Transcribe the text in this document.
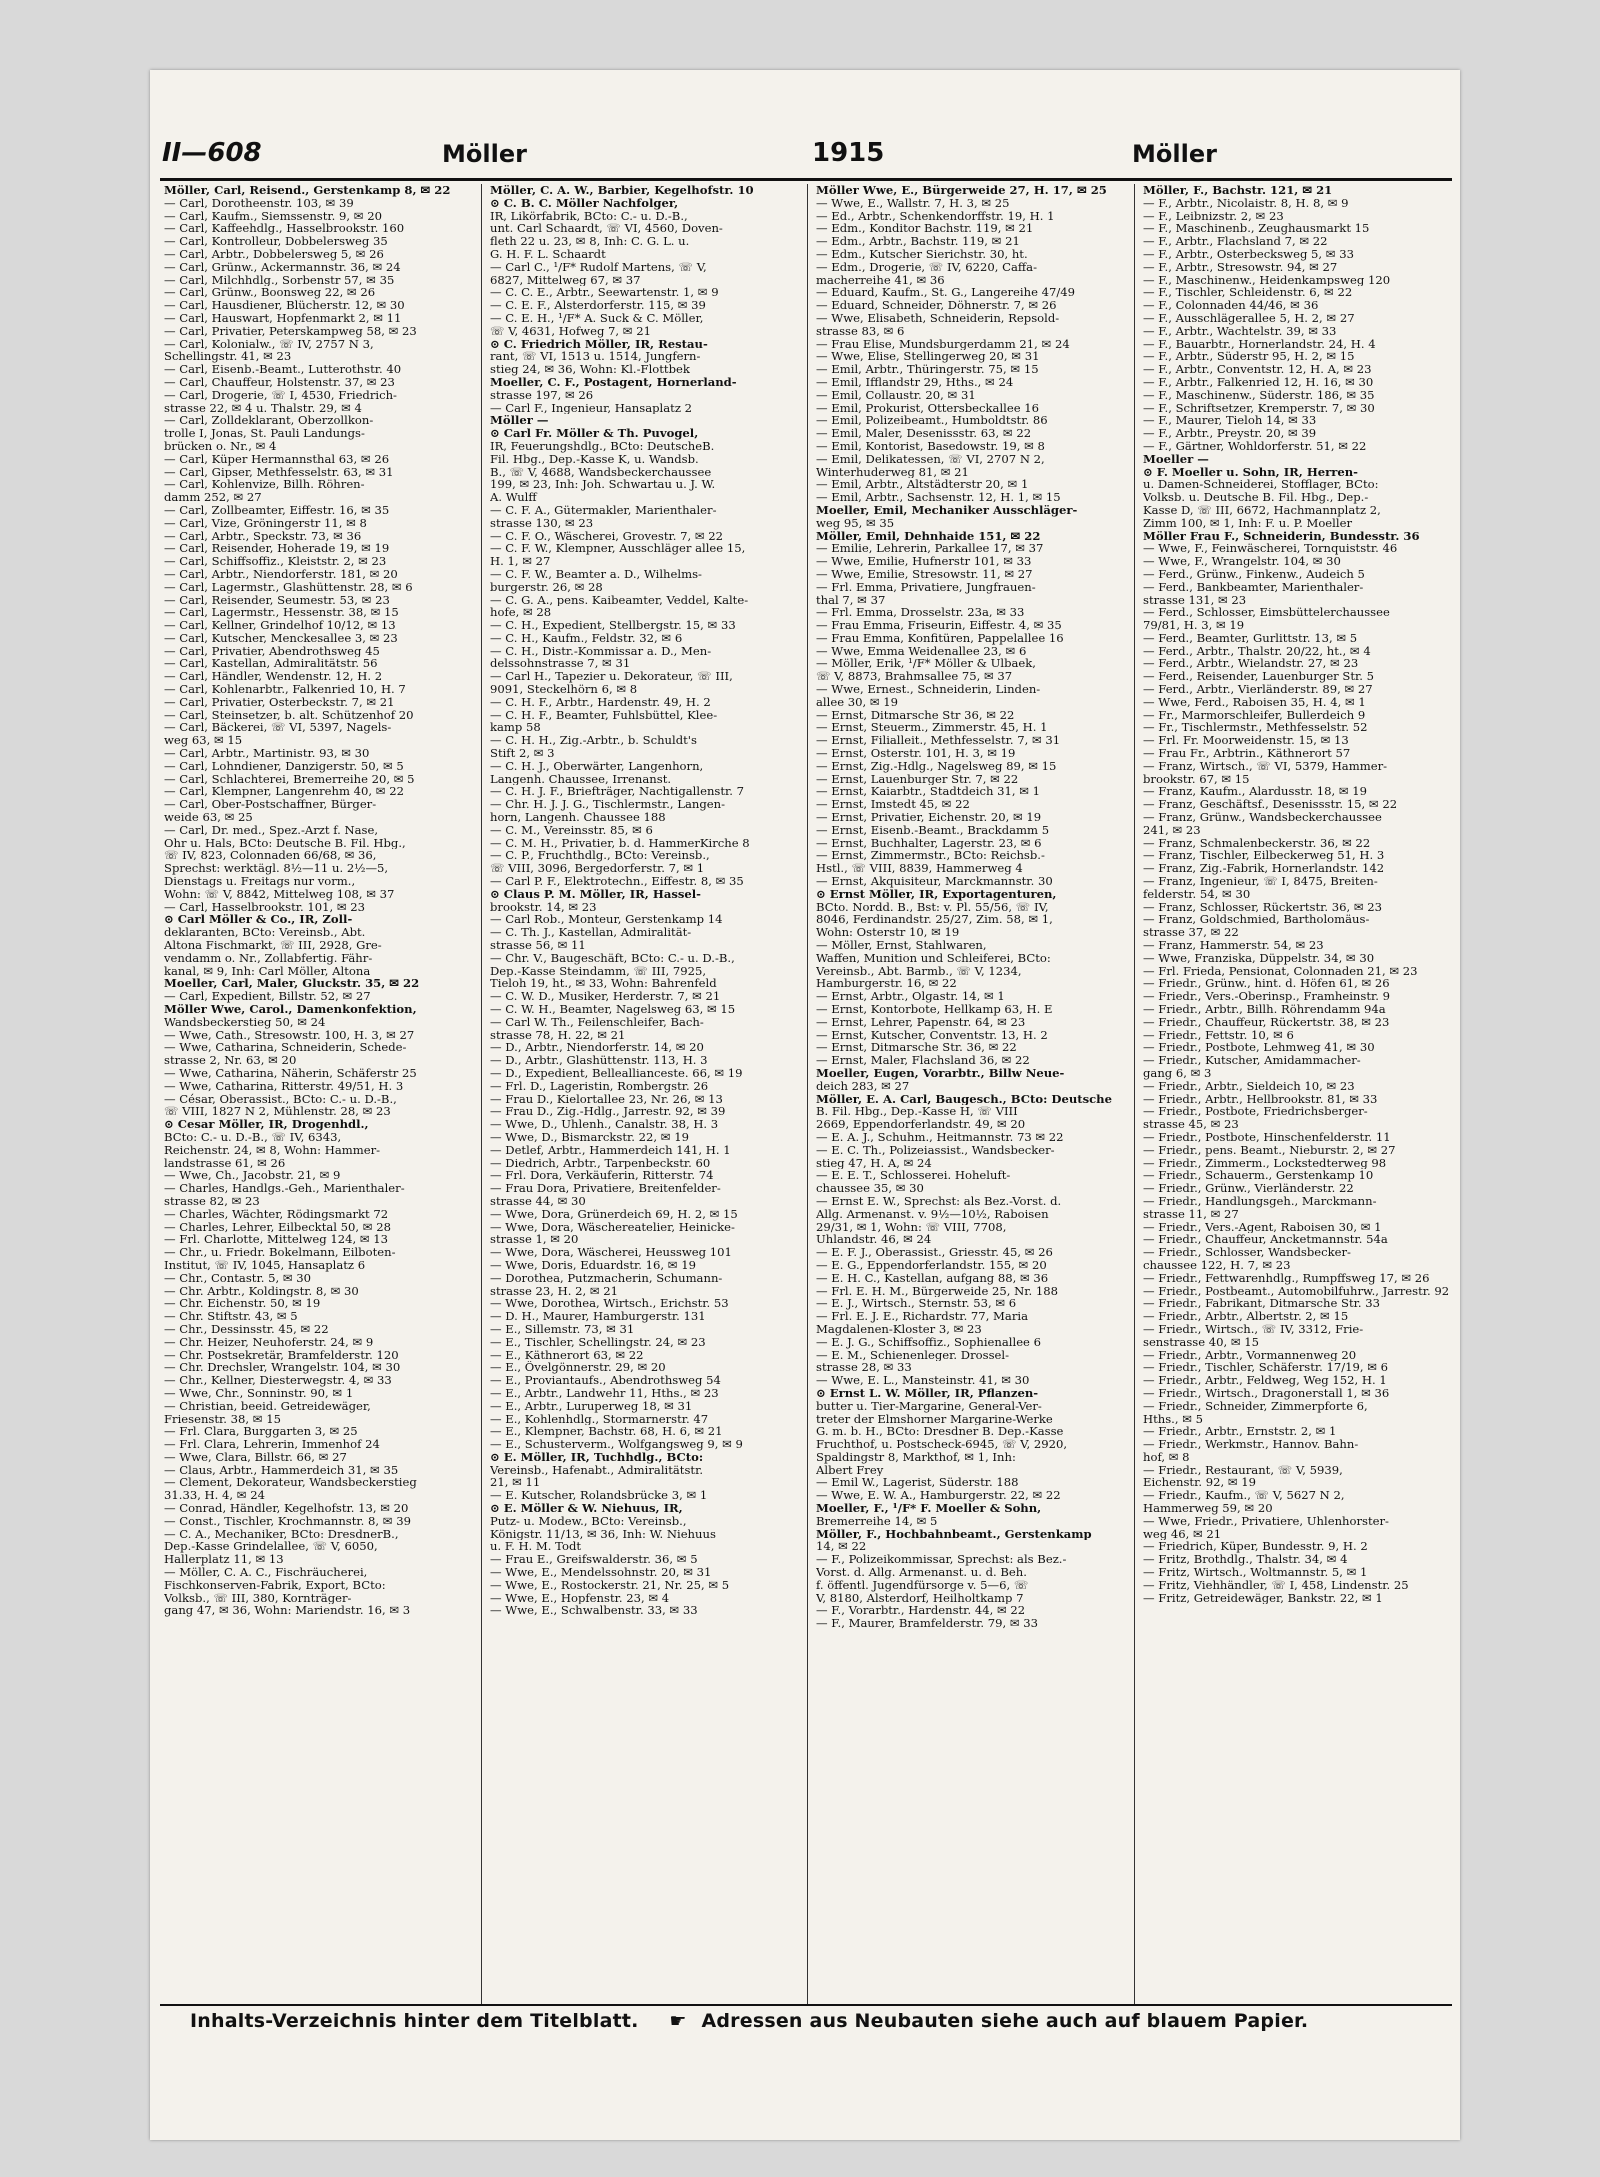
II—608	Möller	1915	Möller
Möller, Carl, Reisend., Gerstenkamp 8, ✉ 22
— Carl, Dorotheenstr. 103, ✉ 39
— Carl, Kaufm., Siemssenstr. 9, ✉ 20
— Carl, Kaffeehdlg., Hasselbrookstr. 160
— Carl, Kontrolleur, Dobbelersweg 35
— Carl, Arbtr., Dobbelersweg 5, ✉ 26
— Carl, Grünw., Ackermannstr. 36, ✉ 24
— Carl, Milchhdlg., Sorbenstr 57, ✉ 35
— Carl, Grünw., Boonsweg 22, ✉ 26
— Carl, Hausdiener, Blücherstr. 12, ✉ 30
— Carl, Hauswart, Hopfenmarkt 2, ✉ 11
— Carl, Privatier, Peterskampweg 58, ✉ 23
— Carl, Kolonialw., ☏ IV, 2757 N 3,
Schellingstr. 41, ✉ 23
— Carl, Eisenb.-Beamt., Lutterothstr. 40
— Carl, Chauffeur, Holstenstr. 37, ✉ 23
— Carl, Drogerie, ☏ I, 4530, Friedrich-
strasse 22, ✉ 4 u. Thalstr. 29, ✉ 4
— Carl, Zolldeklarant, Oberzollkon-
trolle I, Jonas, St. Pauli Landungs-
brücken o. Nr., ✉ 4
— Carl, Küper Hermannsthal 63, ✉ 26
— Carl, Gipser, Methfesselstr. 63, ✉ 31
— Carl, Kohlenvize, Billh. Röhren-
damm 252, ✉ 27
— Carl, Zollbeamter, Eiffestr. 16, ✉ 35
— Carl, Vize, Gröningerstr 11, ✉ 8
— Carl, Arbtr., Speckstr. 73, ✉ 36
— Carl, Reisender, Hoherade 19, ✉ 19
— Carl, Schiffsoffiz., Kleiststr. 2, ✉ 23
— Carl, Arbtr., Niendorferstr. 181, ✉ 20
— Carl, Lagermstr., Glashüttenstr. 28, ✉ 6
— Carl, Reisender, Seumestr. 53, ✉ 23
— Carl, Lagermstr., Hessenstr. 38, ✉ 15
— Carl, Kellner, Grindelhof 10/12, ✉ 13
— Carl, Kutscher, Menckesallee 3, ✉ 23
— Carl, Privatier, Abendrothsweg 45
— Carl, Kastellan, Admiralitätstr. 56
— Carl, Händler, Wendenstr. 12, H. 2
— Carl, Kohlenarbtr., Falkenried 10, H. 7
— Carl, Privatier, Osterbeckstr. 7, ✉ 21
— Carl, Steinsetzer, b. alt. Schützenhof 20
— Carl, Bäckerei, ☏ VI, 5397, Nagels-
weg 63, ✉ 15
— Carl, Arbtr., Martinistr. 93, ✉ 30
— Carl, Lohndiener, Danzigerstr. 50, ✉ 5
— Carl, Schlachterei, Bremerreihe 20, ✉ 5
— Carl, Klempner, Langenrehm 40, ✉ 22
— Carl, Ober-Postschaffner, Bürger-
weide 63, ✉ 25
— Carl, Dr. med., Spez.-Arzt f. Nase,
Ohr u. Hals, BCto: Deutsche B. Fil. Hbg.,
☏ IV, 823, Colonnaden 66/68, ✉ 36,
Sprechst: werktägl. 8½—11 u. 2½—5,
Dienstags u. Freitags nur vorm.,
Wohn: ☏ V, 8842, Mittelweg 108, ✉ 37
— Carl, Hasselbrookstr. 101, ✉ 23
⊙ Carl Möller & Co., IR, Zoll-
deklaranten, BCto: Vereinsb., Abt.
Altona Fischmarkt, ☏ III, 2928, Gre-
vendamm o. Nr., Zollabfertig. Fähr-
kanal, ✉ 9, Inh: Carl Möller, Altona
Moeller, Carl, Maler, Gluckstr. 35, ✉ 22
— Carl, Expedient, Billstr. 52, ✉ 27
Möller Wwe, Carol., Damenkonfektion,
Wandsbeckerstieg 50, ✉ 24
— Wwe, Cath., Stresowstr. 100, H. 3, ✉ 27
— Wwe, Catharina, Schneiderin, Schede-
strasse 2, Nr. 63, ✉ 20
— Wwe, Catharina, Näherin, Schäferstr 25
— Wwe, Catharina, Ritterstr. 49/51, H. 3
— César, Oberassist., BCto: C.- u. D.-B.,
☏ VIII, 1827 N 2, Mühlenstr. 28, ✉ 23
⊙ Cesar Möller, IR, Drogenhdl.,
BCto: C.- u. D.-B., ☏ IV, 6343,
Reichenstr. 24, ✉ 8, Wohn: Hammer-
landstrasse 61, ✉ 26
— Wwe, Ch., Jacobstr. 21, ✉ 9
— Charles, Handlgs.-Geh., Marienthaler-
strasse 82, ✉ 23
— Charles, Wächter, Rödingsmarkt 72
— Charles, Lehrer, Eilbecktal 50, ✉ 28
— Frl. Charlotte, Mittelweg 124, ✉ 13
— Chr., u. Friedr. Bokelmann, Eilboten-
Institut, ☏ IV, 1045, Hansaplatz 6
— Chr., Contastr. 5, ✉ 30
— Chr. Arbtr., Koldingstr. 8, ✉ 30
— Chr. Eichenstr. 50, ✉ 19
— Chr. Stiftstr. 43, ✉ 5
— Chr., Dessinsstr. 45, ✉ 22
— Chr. Heizer, Neuhoferstr. 24, ✉ 9
— Chr. Postsekretär, Bramfelderstr. 120
— Chr. Drechsler, Wrangelstr. 104, ✉ 30
— Chr., Kellner, Diesterwegstr. 4, ✉ 33
— Wwe, Chr., Sonninstr. 90, ✉ 1
— Christian, beeid. Getreidewäger,
Friesenstr. 38, ✉ 15
— Frl. Clara, Burggarten 3, ✉ 25
— Frl. Clara, Lehrerin, Immenhof 24
— Wwe, Clara, Billstr. 66, ✉ 27
— Claus, Arbtr., Hammerdeich 31, ✉ 35
— Clement, Dekorateur, Wandsbeckerstieg
31.33, H. 4, ✉ 24
— Conrad, Händler, Kegelhofstr. 13, ✉ 20
— Const., Tischler, Krochmannstr. 8, ✉ 39
— C. A., Mechaniker, BCto: DresdnerB.,
Dep.-Kasse Grindelallee, ☏ V, 6050,
Hallerplatz 11, ✉ 13
— Möller, C. A. C., Fischräucherei,
Fischkonserven-Fabrik, Export, BCto:
Volksb., ☏ III, 380, Kornträger-
gang 47, ✉ 36, Wohn: Mariendstr. 16, ✉ 3
Möller, C. A. W., Barbier, Kegelhofstr. 10
⊙ C. B. C. Möller Nachfolger,
IR, Likörfabrik, BCto: C.- u. D.-B.,
unt. Carl Schaardt, ☏ VI, 4560, Doven-
fleth 22 u. 23, ✉ 8, Inh: C. G. L. u.
G. H. F. L. Schaardt
— Carl C., ¹/F* Rudolf Martens, ☏ V,
6827, Mittelweg 67, ✉ 37
— C. C. E., Arbtr., Seewartenstr. 1, ✉ 9
— C. E. F., Alsterdorferstr. 115, ✉ 39
— C. E. H., ¹/F* A. Suck & C. Möller,
☏ V, 4631, Hofweg 7, ✉ 21
⊙ C. Friedrich Möller, IR, Restau-
rant, ☏ VI, 1513 u. 1514, Jungfern-
stieg 24, ✉ 36, Wohn: Kl.-Flottbek
Moeller, C. F., Postagent, Hornerland-
strasse 197, ✉ 26
— Carl F., Ingenieur, Hansaplatz 2
Möller —
⊙ Carl Fr. Möller & Th. Puvogel,
IR, Feuerungshdlg., BCto: DeutscheB.
Fil. Hbg., Dep.-Kasse K, u. Wandsb.
B., ☏ V, 4688, Wandsbeckerchaussee
199, ✉ 23, Inh: Joh. Schwartau u. J. W.
A. Wulff
— C. F. A., Gütermakler, Marienthaler-
strasse 130, ✉ 23
— C. F. O., Wäscherei, Grovestr. 7, ✉ 22
— C. F. W., Klempner, Ausschläger allee 15,
H. 1, ✉ 27
— C. F. W., Beamter a. D., Wilhelms-
burgerstr. 26, ✉ 28
— C. G. A., pens. Kaibeamter, Veddel, Kalte-
hofe, ✉ 28
— C. H., Expedient, Stellbergstr. 15, ✉ 33
— C. H., Kaufm., Feldstr. 32, ✉ 6
— C. H., Distr.-Kommissar a. D., Men-
delssohnstrasse 7, ✉ 31
— Carl H., Tapezier u. Dekorateur, ☏ III,
9091, Steckelhörn 6, ✉ 8
— C. H. F., Arbtr., Hardenstr. 49, H. 2
— C. H. F., Beamter, Fuhlsbüttel, Klee-
kamp 58
— C. H. H., Zig.-Arbtr., b. Schuldt's
Stift 2, ✉ 3
— C. H. J., Oberwärter, Langenhorn,
Langenh. Chaussee, Irrenanst.
— C. H. J. F., Briefträger, Nachtigallenstr. 7
— Chr. H. J. J. G., Tischlermstr., Langen-
horn, Langenh. Chaussee 188
— C. M., Vereinsstr. 85, ✉ 6
— C. M. H., Privatier, b. d. HammerKirche 8
— C. P., Fruchthdlg., BCto: Vereinsb.,
☏ VIII, 3096, Bergedorferstr. 7, ✉ 1
— Carl P. F., Elektrotechn., Eiffestr. 8, ✉ 35
⊙ Claus P. M. Möller, IR, Hassel-
brookstr. 14, ✉ 23
— Carl Rob., Monteur, Gerstenkamp 14
— C. Th. J., Kastellan, Admiralität-
strasse 56, ✉ 11
— Chr. V., Baugeschäft, BCto: C.- u. D.-B.,
Dep.-Kasse Steindamm, ☏ III, 7925,
Tieloh 19, ht., ✉ 33, Wohn: Bahrenfeld
— C. W. D., Musiker, Herderstr. 7, ✉ 21
— C. W. H., Beamter, Nagelsweg 63, ✉ 15
— Carl W. Th., Feilenschleifer, Bach-
strasse 78, H. 22, ✉ 21
— D., Arbtr., Niendorferstr. 14, ✉ 20
— D., Arbtr., Glashüttenstr. 113, H. 3
— D., Expedient, Belleallianceste. 66, ✉ 19
— Frl. D., Lageristin, Rombergstr. 26
— Frau D., Kielortallee 23, Nr. 26, ✉ 13
— Frau D., Zig.-Hdlg., Jarrestr. 92, ✉ 39
— Wwe, D., Uhlenh., Canalstr. 38, H. 3
— Wwe, D., Bismarckstr. 22, ✉ 19
— Detlef, Arbtr., Hammerdeich 141, H. 1
— Diedrich, Arbtr., Tarpenbeckstr. 60
— Frl. Dora, Verkäuferin, Ritterstr. 74
— Frau Dora, Privatiere, Breitenfelder-
strasse 44, ✉ 30
— Wwe, Dora, Grünerdeich 69, H. 2, ✉ 15
— Wwe, Dora, Wäschereatelier, Heinicke-
strasse 1, ✉ 20
— Wwe, Dora, Wäscherei, Heussweg 101
— Wwe, Doris, Eduardstr. 16, ✉ 19
— Dorothea, Putzmacherin, Schumann-
strasse 23, H. 2, ✉ 21
— Wwe, Dorothea, Wirtsch., Erichstr. 53
— D. H., Maurer, Hamburgerstr. 131
— E., Sillemstr. 73, ✉ 31
— E., Tischler, Schellingstr. 24, ✉ 23
— E., Käthnerort 63, ✉ 22
— E., Övelgönnerstr. 29, ✉ 20
— E., Proviantaufs., Abendrothsweg 54
— E., Arbtr., Landwehr 11, Hths., ✉ 23
— E., Arbtr., Luruperweg 18, ✉ 31
— E., Kohlenhdlg., Stormarnerstr. 47
— E., Klempner, Bachstr. 68, H. 6, ✉ 21
— E., Schusterverm., Wolfgangsweg 9, ✉ 9
⊙ E. Möller, IR, Tuchhdlg., BCto:
Vereinsb., Hafenabt., Admiralitätstr.
21, ✉ 11
— E. Kutscher, Rolandsbrücke 3, ✉ 1
⊙ E. Möller & W. Niehuus, IR,
Putz- u. Modew., BCto: Vereinsb.,
Königstr. 11/13, ✉ 36, Inh: W. Niehuus
u. F. H. M. Todt
— Frau E., Greifswalderstr. 36, ✉ 5
— Wwe, E., Mendelssohnstr. 20, ✉ 31
— Wwe, E., Rostockerstr. 21, Nr. 25, ✉ 5
— Wwe, E., Hopfenstr. 23, ✉ 4
— Wwe, E., Schwalbenstr. 33, ✉ 33
Möller Wwe, E., Bürgerweide 27, H. 17, ✉ 25
— Wwe, E., Wallstr. 7, H. 3, ✉ 25
— Ed., Arbtr., Schenkendorffstr. 19, H. 1
— Edm., Konditor Bachstr. 119, ✉ 21
— Edm., Arbtr., Bachstr. 119, ✉ 21
— Edm., Kutscher Sierichstr. 30, ht.
— Edm., Drogerie, ☏ IV, 6220, Caffa-
macherreihe 41, ✉ 36
— Eduard, Kaufm., St. G., Langereihe 47/49
— Eduard, Schneider, Döhnerstr. 7, ✉ 26
— Wwe, Elisabeth, Schneiderin, Repsold-
strasse 83, ✉ 6
— Frau Elise, Mundsburgerdamm 21, ✉ 24
— Wwe, Elise, Stellingerweg 20, ✉ 31
— Emil, Arbtr., Thüringerstr. 75, ✉ 15
— Emil, Ifflandstr 29, Hths., ✉ 24
— Emil, Collaustr. 20, ✉ 31
— Emil, Prokurist, Ottersbeckallee 16
— Emil, Polizeibeamt., Humboldtstr. 86
— Emil, Maler, Desenissstr. 63, ✉ 22
— Emil, Kontorist, Basedowstr. 19, ✉ 8
— Emil, Delikatessen, ☏ VI, 2707 N 2,
Winterhuderweg 81, ✉ 21
— Emil, Arbtr., Altstädterstr 20, ✉ 1
— Emil, Arbtr., Sachsenstr. 12, H. 1, ✉ 15
Moeller, Emil, Mechaniker Ausschläger-
weg 95, ✉ 35
Möller, Emil, Dehnhaide 151, ✉ 22
— Emilie, Lehrerin, Parkallee 17, ✉ 37
— Wwe, Emilie, Hufnerstr 101, ✉ 33
— Wwe, Emilie, Stresowstr. 11, ✉ 27
— Frl. Emma, Privatiere, Jungfrauen-
thal 7, ✉ 37
— Frl. Emma, Drosselstr. 23a, ✉ 33
— Frau Emma, Friseurin, Eiffestr. 4, ✉ 35
— Frau Emma, Konfitüren, Pappelallee 16
— Wwe, Emma Weidenallee 23, ✉ 6
— Möller, Erik, ¹/F* Möller & Ulbaek,
☏ V, 8873, Brahmsallee 75, ✉ 37
— Wwe, Ernest., Schneiderin, Linden-
allee 30, ✉ 19
— Ernst, Ditmarsche Str 36, ✉ 22
— Ernst, Steuerm., Zimmerstr. 45, H. 1
— Ernst, Filialleit., Methfesselstr. 7, ✉ 31
— Ernst, Osterstr. 101, H. 3, ✉ 19
— Ernst, Zig.-Hdlg., Nagelsweg 89, ✉ 15
— Ernst, Lauenburger Str. 7, ✉ 22
— Ernst, Kaiarbtr., Stadtdeich 31, ✉ 1
— Ernst, Imstedt 45, ✉ 22
— Ernst, Privatier, Eichenstr. 20, ✉ 19
— Ernst, Eisenb.-Beamt., Brackdamm 5
— Ernst, Buchhalter, Lagerstr. 23, ✉ 6
— Ernst, Zimmermstr., BCto: Reichsb.-
Hstl., ☏ VIII, 8839, Hammerweg 4
— Ernst, Akquisiteur, Marckmannstr. 30
⊙ Ernst Möller, IR, Exportagenturen,
BCto. Nordd. B., Bst: v. Pl. 55/56, ☏ IV,
8046, Ferdinandstr. 25/27, Zim. 58, ✉ 1,
Wohn: Osterstr 10, ✉ 19
— Möller, Ernst, Stahlwaren,
Waffen, Munition und Schleiferei, BCto:
Vereinsb., Abt. Barmb., ☏ V, 1234,
Hamburgerstr. 16, ✉ 22
— Ernst, Arbtr., Olgastr. 14, ✉ 1
— Ernst, Kontorbote, Hellkamp 63, H. E
— Ernst, Lehrer, Papenstr. 64, ✉ 23
— Ernst, Kutscher, Conventstr. 13, H. 2
— Ernst, Ditmarsche Str. 36, ✉ 22
— Ernst, Maler, Flachsland 36, ✉ 22
Moeller, Eugen, Vorarbtr., Billw Neue-
deich 283, ✉ 27
Möller, E. A. Carl, Baugesch., BCto: Deutsche
B. Fil. Hbg., Dep.-Kasse H, ☏ VIII
2669, Eppendorferlandstr. 49, ✉ 20
— E. A. J., Schuhm., Heitmannstr. 73 ✉ 22
— E. C. Th., Polizeiassist., Wandsbecker-
stieg 47, H. A, ✉ 24
— E. E. T., Schlosserei. Hoheluft-
chaussee 35, ✉ 30
— Ernst E. W., Sprechst: als Bez.-Vorst. d.
Allg. Armenanst. v. 9½—10½, Raboisen
29/31, ✉ 1, Wohn: ☏ VIII, 7708,
Uhlandstr. 46, ✉ 24
— E. F. J., Oberassist., Griesstr. 45, ✉ 26
— E. G., Eppendorferlandstr. 155, ✉ 20
— E. H. C., Kastellan, aufgang 88, ✉ 36
— Frl. E. H. M., Bürgerweide 25, Nr. 188
— E. J., Wirtsch., Sternstr. 53, ✉ 6
— Frl. E. J. E., Richardstr. 77, Maria
Magdalenen-Kloster 3, ✉ 23
— E. J. G., Schiffsoffiz., Sophienallee 6
— E. M., Schienenleger. Drossel-
strasse 28, ✉ 33
— Wwe, E. L., Mansteinstr. 41, ✉ 30
⊙ Ernst L. W. Möller, IR, Pflanzen-
butter u. Tier-Margarine, General-Ver-
treter der Elmshorner Margarine-Werke
G. m. b. H., BCto: Dresdner B. Dep.-Kasse
Fruchthof, u. Postscheck-6945, ☏ V, 2920,
Spaldingstr 8, Markthof, ✉ 1, Inh:
Albert Frey
— Emil W., Lagerist, Süderstr. 188
— Wwe, E. W. A., Hamburgerstr. 22, ✉ 22
Moeller, F., ¹/F* F. Moeller & Sohn,
Bremerreihe 14, ✉ 5
Möller, F., Hochbahnbeamt., Gerstenkamp
14, ✉ 22
— F., Polizeikommissar, Sprechst: als Bez.-
Vorst. d. Allg. Armenanst. u. d. Beh.
f. öffentl. Jugendfürsorge v. 5—6, ☏
V, 8180, Alsterdorf, Heilholtkamp 7
— F., Vorarbtr., Hardenstr. 44, ✉ 22
— F., Maurer, Bramfelderstr. 79, ✉ 33
Möller, F., Bachstr. 121, ✉ 21
— F., Arbtr., Nicolaistr. 8, H. 8, ✉ 9
— F., Leibnizstr. 2, ✉ 23
— F., Maschinenb., Zeughausmarkt 15
— F., Arbtr., Flachsland 7, ✉ 22
— F., Arbtr., Osterbecksweg 5, ✉ 33
— F., Arbtr., Stresowstr. 94, ✉ 27
— F., Maschinenw., Heidenkampsweg 120
— F., Tischler, Schleidenstr. 6, ✉ 22
— F., Colonnaden 44/46, ✉ 36
— F., Ausschlägerallee 5, H. 2, ✉ 27
— F., Arbtr., Wachtelstr. 39, ✉ 33
— F., Bauarbtr., Hornerlandstr. 24, H. 4
— F., Arbtr., Süderstr 95, H. 2, ✉ 15
— F., Arbtr., Conventstr. 12, H. A, ✉ 23
— F., Arbtr., Falkenried 12, H. 16, ✉ 30
— F., Maschinenw., Süderstr. 186, ✉ 35
— F., Schriftsetzer, Kremperstr. 7, ✉ 30
— F., Maurer, Tieloh 14, ✉ 33
— F., Arbtr., Preystr. 20, ✉ 39
— F., Gärtner, Wohldorferstr. 51, ✉ 22
Moeller —
⊙ F. Moeller u. Sohn, IR, Herren-
u. Damen-Schneiderei, Stofflager, BCto:
Volksb. u. Deutsche B. Fil. Hbg., Dep.-
Kasse D, ☏ III, 6672, Hachmannplatz 2,
Zimm 100, ✉ 1, Inh: F. u. P. Moeller
Möller Frau F., Schneiderin, Bundesstr. 36
— Wwe, F., Feinwäscherei, Tornquiststr. 46
— Wwe, F., Wrangelstr. 104, ✉ 30
— Ferd., Grünw., Finkenw., Audeich 5
— Ferd., Bankbeamter, Marienthaler-
strasse 131, ✉ 23
— Ferd., Schlosser, Eimsbüttelerchaussee
79/81, H. 3, ✉ 19
— Ferd., Beamter, Gurlittstr. 13, ✉ 5
— Ferd., Arbtr., Thalstr. 20/22, ht., ✉ 4
— Ferd., Arbtr., Wielandstr. 27, ✉ 23
— Ferd., Reisender, Lauenburger Str. 5
— Ferd., Arbtr., Vierländerstr. 89, ✉ 27
— Wwe, Ferd., Raboisen 35, H. 4, ✉ 1
— Fr., Marmorschleifer, Bullerdeich 9
— Fr., Tischlermstr., Methfesselstr. 52
— Frl. Fr. Moorweidenstr. 15, ✉ 13
— Frau Fr., Arbtrin., Käthnerort 57
— Franz, Wirtsch., ☏ VI, 5379, Hammer-
brookstr. 67, ✉ 15
— Franz, Kaufm., Alardusstr. 18, ✉ 19
— Franz, Geschäftsf., Desenissstr. 15, ✉ 22
— Franz, Grünw., Wandsbeckerchaussee
241, ✉ 23
— Franz, Schmalenbeckerstr. 36, ✉ 22
— Franz, Tischler, Eilbeckerweg 51, H. 3
— Franz, Zig.-Fabrik, Hornerlandstr. 142
— Franz, Ingenieur, ☏ I, 8475, Breiten-
felderstr. 54, ✉ 30
— Franz, Schlosser, Rückertstr. 36, ✉ 23
— Franz, Goldschmied, Bartholomäus-
strasse 37, ✉ 22
— Franz, Hammerstr. 54, ✉ 23
— Wwe, Franziska, Düppelstr. 34, ✉ 30
— Frl. Frieda, Pensionat, Colonnaden 21, ✉ 23
— Friedr., Grünw., hint. d. Höfen 61, ✉ 26
— Friedr., Vers.-Oberinsp., Framheinstr. 9
— Friedr., Arbtr., Billh. Röhrendamm 94a
— Friedr., Chauffeur, Rückertstr. 38, ✉ 23
— Friedr., Fettstr. 10, ✉ 6
— Friedr., Postbote, Lehmweg 41, ✉ 30
— Friedr., Kutscher, Amidammacher-
gang 6, ✉ 3
— Friedr., Arbtr., Sieldeich 10, ✉ 23
— Friedr., Arbtr., Hellbrookstr. 81, ✉ 33
— Friedr., Postbote, Friedrichsberger-
strasse 45, ✉ 23
— Friedr., Postbote, Hinschenfelderstr. 11
— Friedr., pens. Beamt., Nieburstr. 2, ✉ 27
— Friedr., Zimmerm., Lockstedterweg 98
— Friedr., Schauerm., Gerstenkamp 10
— Friedr., Grünw., Vierländerstr. 22
— Friedr., Handlungsgeh., Marckmann-
strasse 11, ✉ 27
— Friedr., Vers.-Agent, Raboisen 30, ✉ 1
— Friedr., Chauffeur, Ancketmannstr. 54a
— Friedr., Schlosser, Wandsbecker-
chaussee 122, H. 7, ✉ 23
— Friedr., Fettwarenhdlg., Rumpffsweg 17, ✉ 26
— Friedr., Postbeamt., Automobilfuhrw., Jarrestr. 92
— Friedr., Fabrikant, Ditmarsche Str. 33
— Friedr., Arbtr., Albertstr. 2, ✉ 15
— Friedr., Wirtsch., ☏ IV, 3312, Frie-
senstrasse 40, ✉ 15
— Friedr., Arbtr., Vormannenweg 20
— Friedr., Tischler, Schäferstr. 17/19, ✉ 6
— Friedr., Arbtr., Feldweg, Weg 152, H. 1
— Friedr., Wirtsch., Dragonerstall 1, ✉ 36
— Friedr., Schneider, Zimmerpforte 6,
Hths., ✉ 5
— Friedr., Arbtr., Ernststr. 2, ✉ 1
— Friedr., Werkmstr., Hannov. Bahn-
hof, ✉ 8
— Friedr., Restaurant, ☏ V, 5939,
Eichenstr. 92, ✉ 19
— Friedr., Kaufm., ☏ V, 5627 N 2,
Hammerweg 59, ✉ 20
— Wwe, Friedr., Privatiere, Uhlenhorster-
weg 46, ✉ 21
— Friedrich, Küper, Bundesstr. 9, H. 2
— Fritz, Brothdlg., Thalstr. 34, ✉ 4
— Fritz, Wirtsch., Woltmannstr. 5, ✉ 1
— Fritz, Viehhändler, ☏ I, 458, Lindenstr. 25
— Fritz, Getreidewäger, Bankstr. 22, ✉ 1
Inhalts-Verzeichnis hinter dem Titelblatt. ☛ Adressen aus Neubauten siehe auch auf blauem Papier.
